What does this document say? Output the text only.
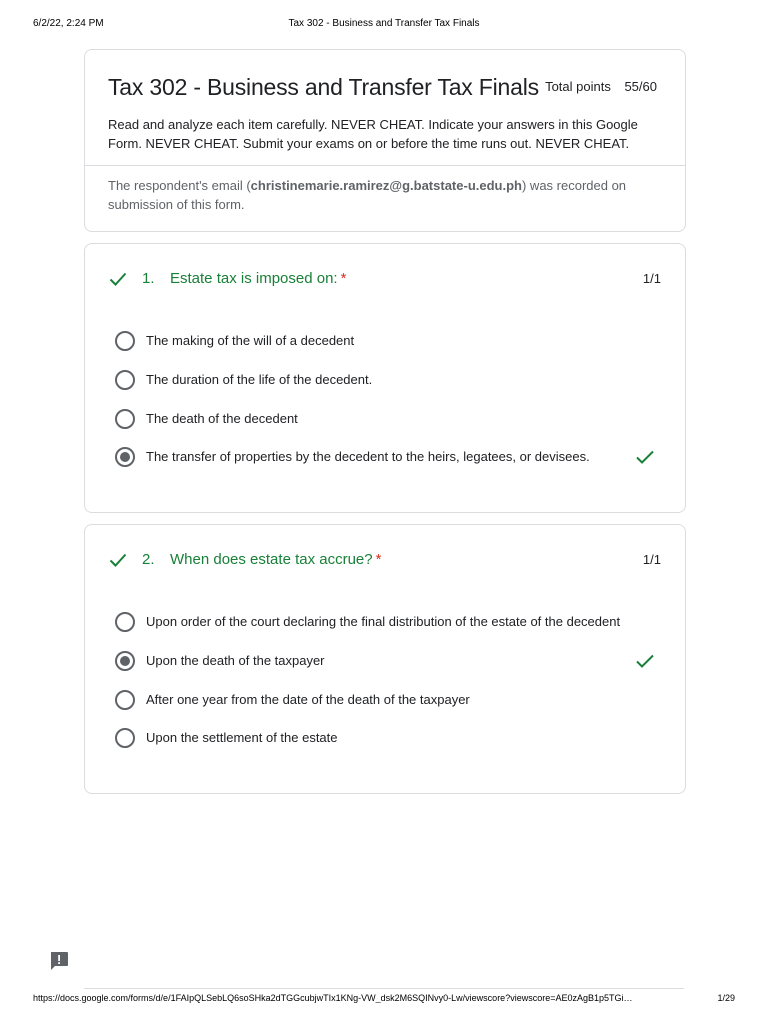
6/2/22, 2:24 PM	Tax 302 - Business and Transfer Tax Finals
Tax 302 - Business and Transfer Tax Finals Total points 55/60
Read and analyze each item carefully. NEVER CHEAT. Indicate your answers in this Google Form. NEVER CHEAT. Submit your exams on or before the time runs out. NEVER CHEAT.
The respondent's email (christinemarie.ramirez@g.batstate-u.edu.ph) was recorded on submission of this form.
1. Estate tax is imposed on: *	1/1
The making of the will of a decedent
The duration of the life of the decedent.
The death of the decedent
The transfer of properties by the decedent to the heirs, legatees, or devisees.
2. When does estate tax accrue? *	1/1
Upon order of the court declaring the final distribution of the estate of the decedent
Upon the death of the taxpayer
After one year from the date of the death of the taxpayer
Upon the settlement of the estate
https://docs.google.com/forms/d/e/1FAIpQLSebLQ6soSHka2dTGGcubjwTIx1KNg-VW_dsk2M6SQINvy0-Lw/viewscore?viewscore=AE0zAgB1p5TGi…	1/29
